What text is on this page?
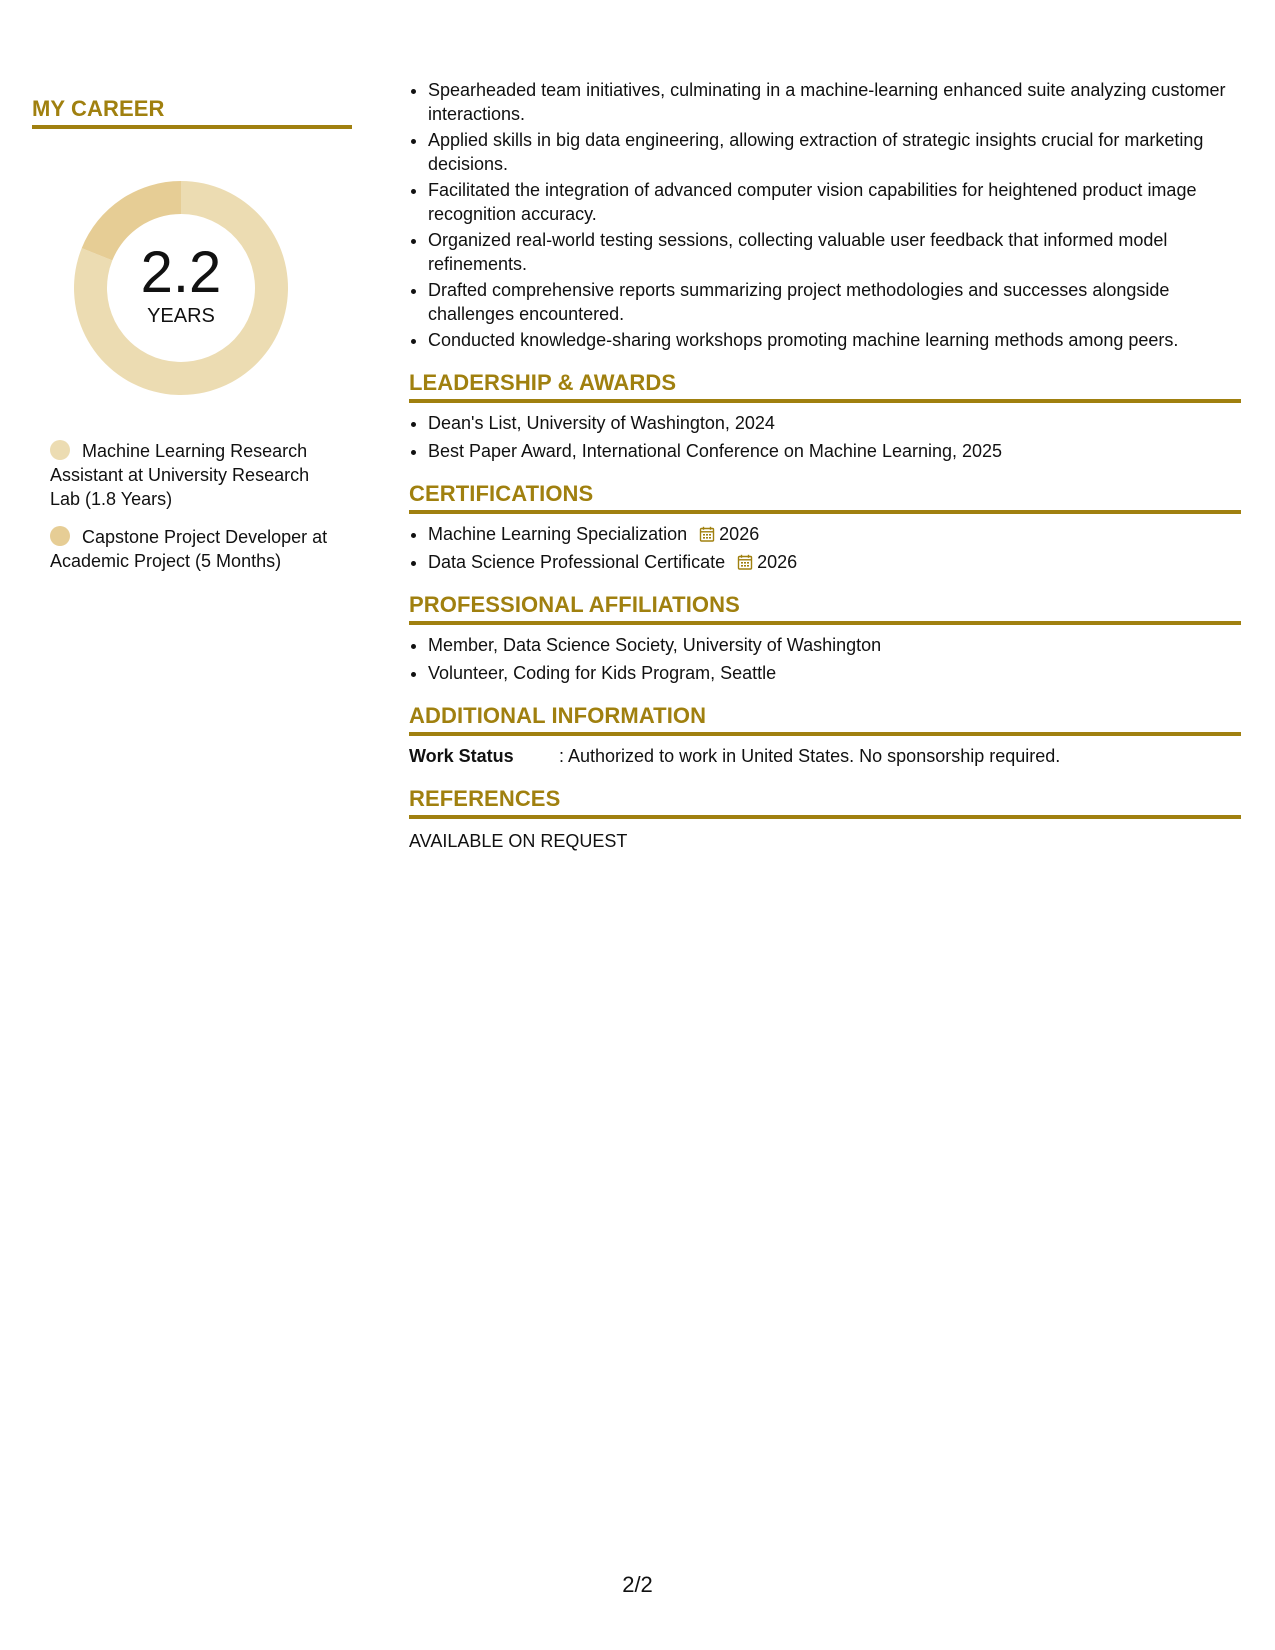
MY CAREER
2.2
YEARS
Machine Learning Research Assistant at University Research Lab (1.8 Years)
Capstone Project Developer at Academic Project (5 Months)
• Spearheaded team initiatives, culminating in a machine-learning enhanced suite analyzing customer interactions.
• Applied skills in big data engineering, allowing extraction of strategic insights crucial for marketing decisions.
• Facilitated the integration of advanced computer vision capabilities for heightened product image recognition accuracy.
• Organized real-world testing sessions, collecting valuable user feedback that informed model refinements.
• Drafted comprehensive reports summarizing project methodologies and successes alongside challenges encountered.
• Conducted knowledge-sharing workshops promoting machine learning methods among peers.
LEADERSHIP & AWARDS
• Dean's List, University of Washington, 2024
• Best Paper Award, International Conference on Machine Learning, 2025
CERTIFICATIONS
• Machine Learning Specialization 2026
• Data Science Professional Certificate 2026
PROFESSIONAL AFFILIATIONS
• Member, Data Science Society, University of Washington
• Volunteer, Coding for Kids Program, Seattle
ADDITIONAL INFORMATION
Work Status	: Authorized to work in United States. No sponsorship required.
REFERENCES
AVAILABLE ON REQUEST
2/2
